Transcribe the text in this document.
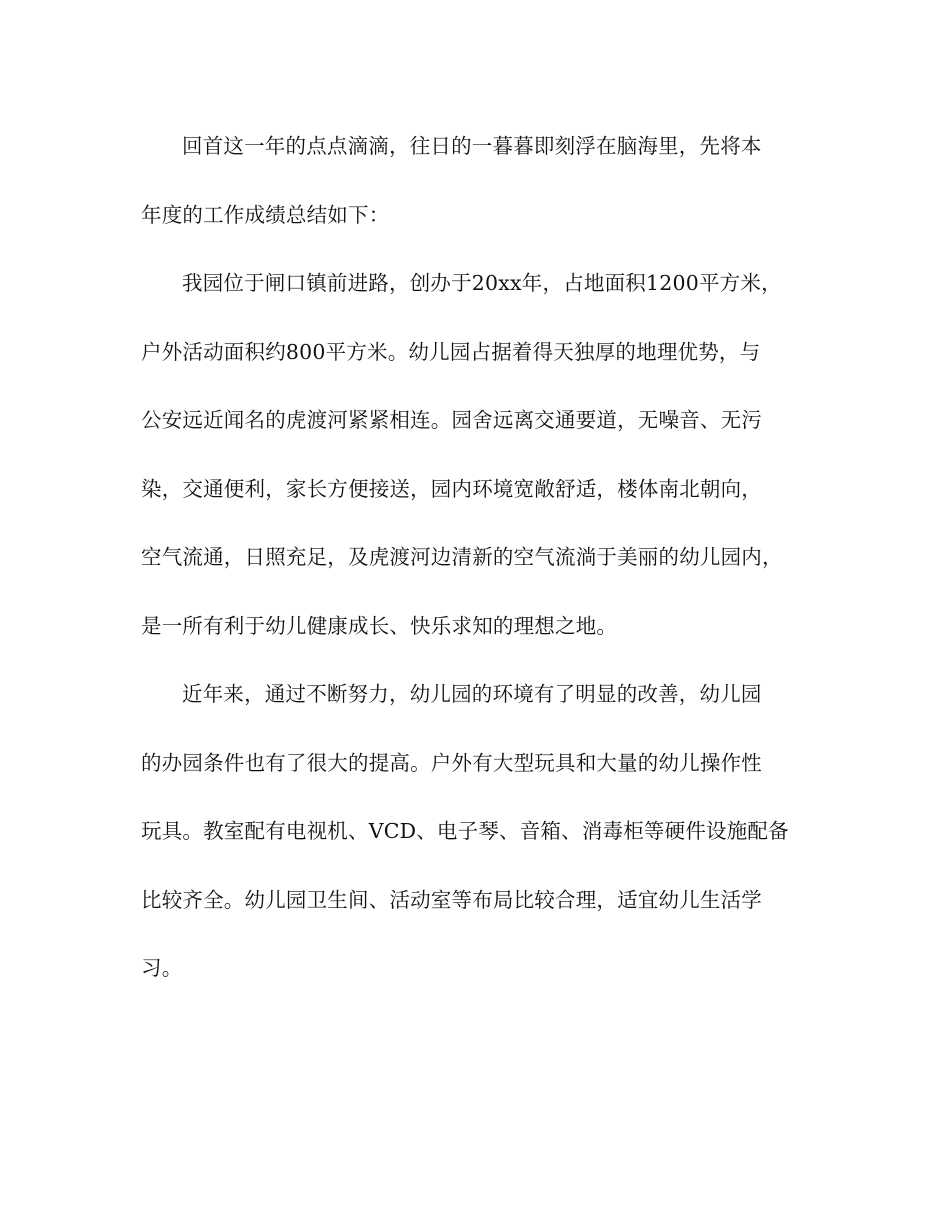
回首这一年的点点滴滴，往日的一暮暮即刻浮在脑海里，先将本
年度的工作成绩总结如下：
我园位于闸口镇前进路，创办于20xx年，占地面积1200平方米，
户外活动面积约800平方米。幼儿园占据着得天独厚的地理优势，与
公安远近闻名的虎渡河紧紧相连。园舍远离交通要道，无噪音、无污
染，交通便利，家长方便接送，园内环境宽敞舒适，楼体南北朝向，
空气流通，日照充足，及虎渡河边清新的空气流淌于美丽的幼儿园内，
是一所有利于幼儿健康成长、快乐求知的理想之地。
近年来，通过不断努力，幼儿园的环境有了明显的改善，幼儿园
的办园条件也有了很大的提高。户外有大型玩具和大量的幼儿操作性
玩具。教室配有电视机、VCD、电子琴、音箱、消毒柜等硬件设施配备
比较齐全。幼儿园卫生间、活动室等布局比较合理，适宜幼儿生活学
习。
